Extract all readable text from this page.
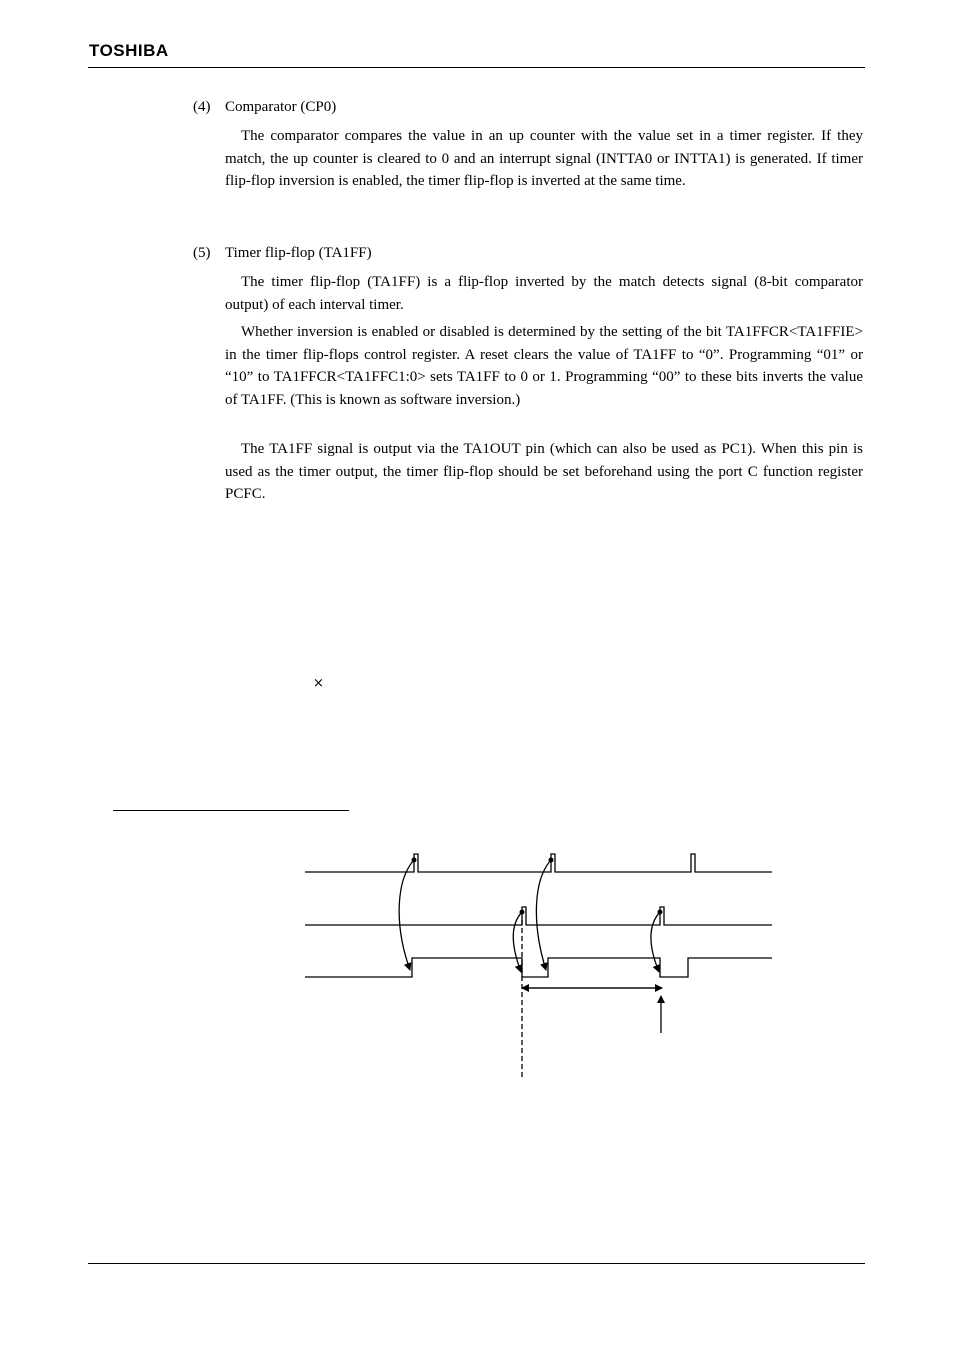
TOSHIBA
(4) Comparator (CP0)

The comparator compares the value in an up counter with the value set in a timer register. If they match, the up counter is cleared to 0 and an interrupt signal (INTTA0 or INTTA1) is generated. If timer flip-flop inversion is enabled, the timer flip-flop is inverted at the same time.

(5) Timer flip-flop (TA1FF)

The timer flip-flop (TA1FF) is a flip-flop inverted by the match detects signal (8-bit comparator output) of each interval timer.

Whether inversion is enabled or disabled is determined by the setting of the bit TA1FFCR<TA1FFIE> in the timer flip-flops control register. A reset clears the value of TA1FF to “0”. Programming “01” or “10” to TA1FFCR<TA1FFC1:0> sets TA1FF to 0 or 1. Programming “00” to these bits inverts the value of TA1FF. (This is known as software inversion.)

The TA1FF signal is output via the TA1OUT pin (which can also be used as PC1). When this pin is used as the timer output, the timer flip-flop should be set beforehand using the port C function register PCFC.

×
